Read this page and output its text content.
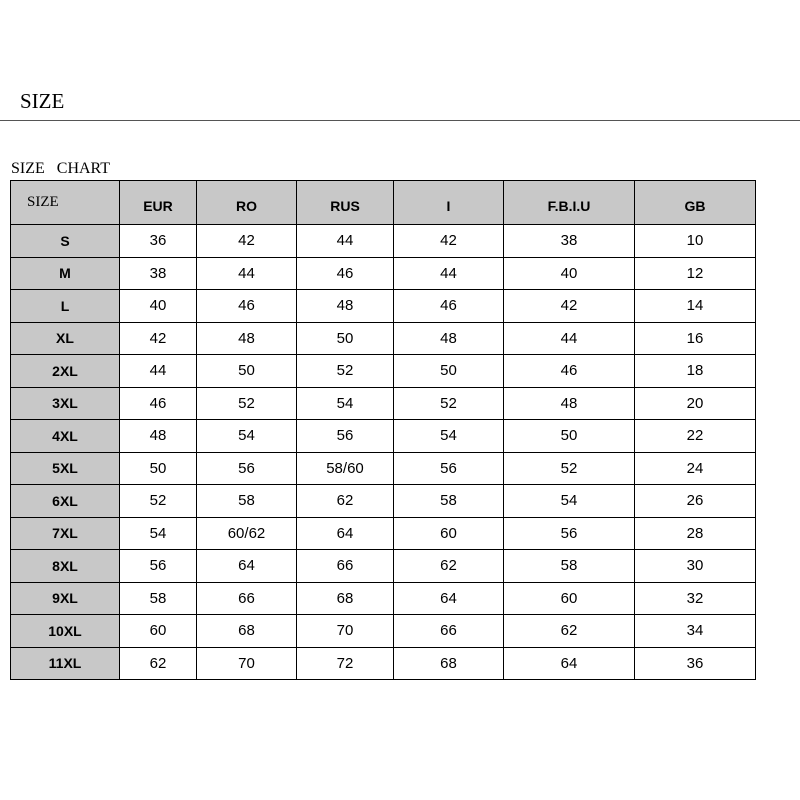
SIZE
SIZE   CHART
SIZE	EUR	RO	RUS	I	F.B.I.U	GB
S	36	42	44	42	38	10
M	38	44	46	44	40	12
L	40	46	48	46	42	14
XL	42	48	50	48	44	16
2XL	44	50	52	50	46	18
3XL	46	52	54	52	48	20
4XL	48	54	56	54	50	22
5XL	50	56	58/60	56	52	24
6XL	52	58	62	58	54	26
7XL	54	60/62	64	60	56	28
8XL	56	64	66	62	58	30
9XL	58	66	68	64	60	32
10XL	60	68	70	66	62	34
11XL	62	70	72	68	64	36
